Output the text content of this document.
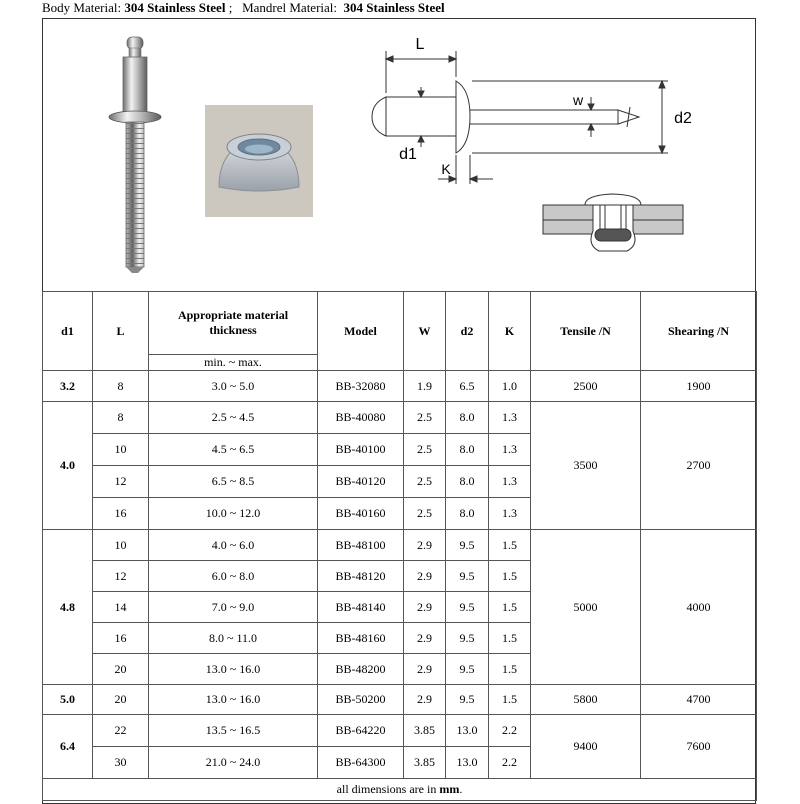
Body Material: 304 Stainless Steel ; Mandrel Material: 304 Stainless Steel
L
w
d2
d1
K
d1	L	Appropriate material thickness	Model	W	d2	K	Tensile /N	Shearing /N
		min. ~ max.						
3.2	8	3.0 ~ 5.0	BB-32080	1.9	6.5	1.0	2500	1900
4.0	8	2.5 ~ 4.5	BB-40080	2.5	8.0	1.3	3500	2700
	10	4.5 ~ 6.5	BB-40100	2.5	8.0	1.3		
	12	6.5 ~ 8.5	BB-40120	2.5	8.0	1.3		
	16	10.0 ~ 12.0	BB-40160	2.5	8.0	1.3		
4.8	10	4.0 ~ 6.0	BB-48100	2.9	9.5	1.5	5000	4000
	12	6.0 ~ 8.0	BB-48120	2.9	9.5	1.5		
	14	7.0 ~ 9.0	BB-48140	2.9	9.5	1.5		
	16	8.0 ~ 11.0	BB-48160	2.9	9.5	1.5		
	20	13.0 ~ 16.0	BB-48200	2.9	9.5	1.5		
5.0	20	13.0 ~ 16.0	BB-50200	2.9	9.5	1.5	5800	4700
6.4	22	13.5 ~ 16.5	BB-64220	3.85	13.0	2.2	9400	7600
	30	21.0 ~ 24.0	BB-64300	3.85	13.0	2.2		
all dimensions are in mm.								
